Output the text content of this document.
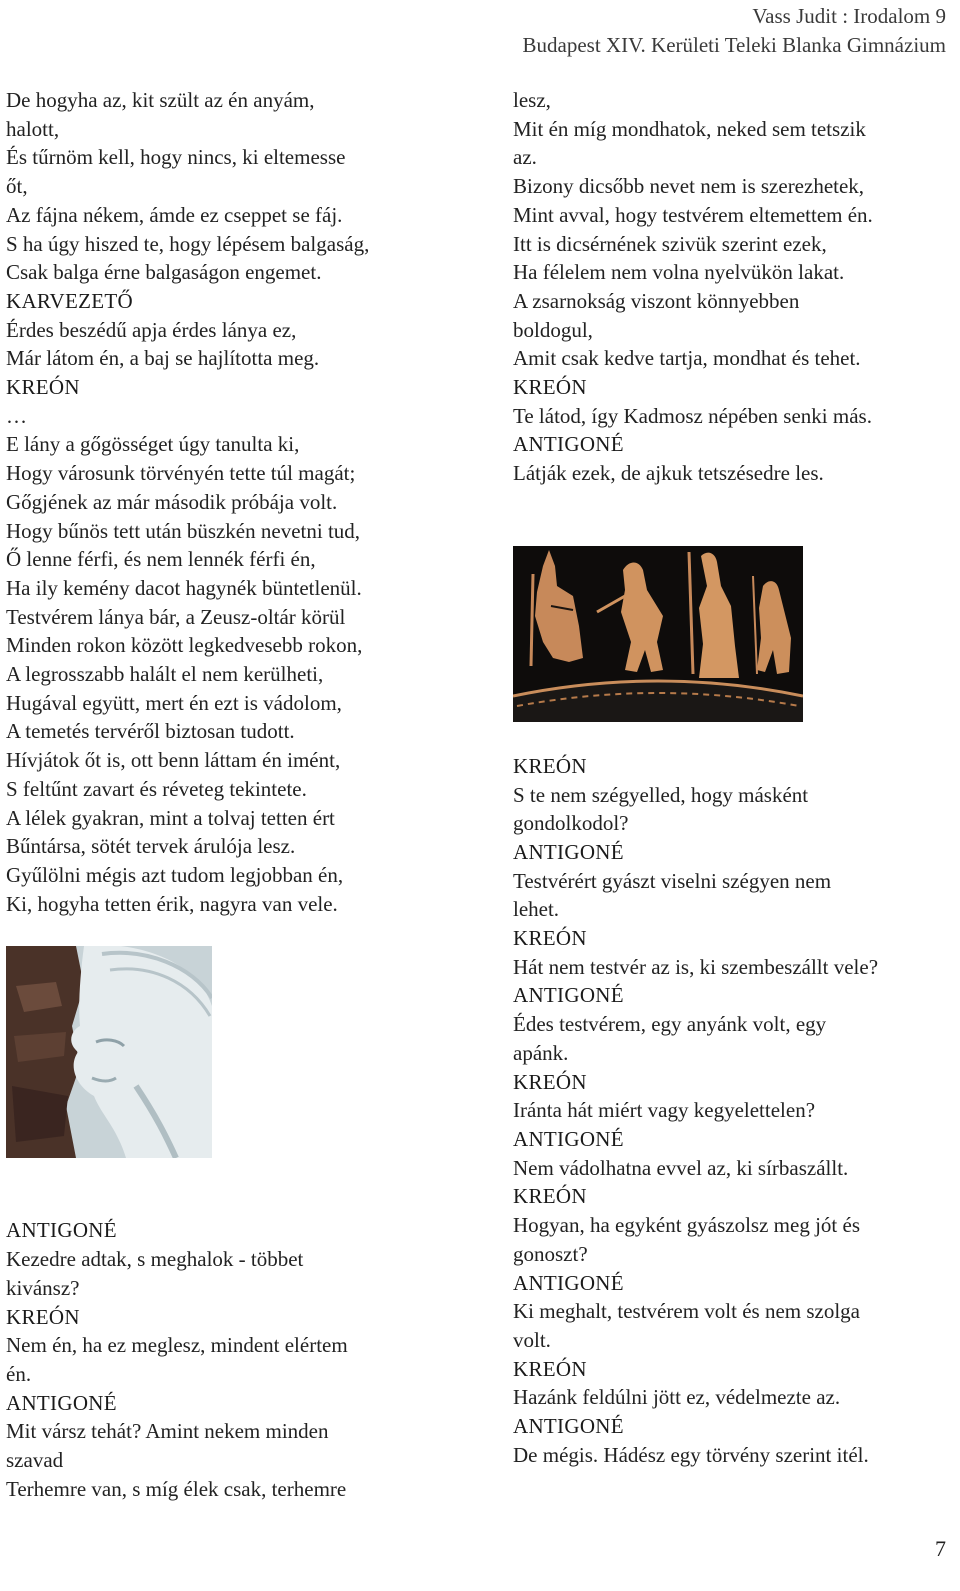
Vass Judit : Irodalom 9
Budapest XIV. Kerületi Teleki Blanka Gimnázium
De hogyha az, kit szült az én anyám,
halott,
És tűrnöm kell, hogy nincs, ki eltemesse
őt,
Az fájna nékem, ámde ez cseppet se fáj.
S ha úgy hiszed te, hogy lépésem balgaság,
Csak balga érne balgaságon engemet.
KARVEZETŐ
Érdes beszédű apja érdes lánya ez,
Már látom én, a baj se hajlította meg.
KREÓN
…
E lány a gőgösséget úgy tanulta ki,
Hogy városunk törvényén tette túl magát;
Gőgjének az már második próbája volt.
Hogy bűnös tett után büszkén nevetni tud,
Ő lenne férfi, és nem lennék férfi én,
Ha ily kemény dacot hagynék büntetlenül.
Testvérem lánya bár, a Zeusz-oltár körül
Minden rokon között legkedvesebb rokon,
A legrosszabb halált el nem kerülheti,
Hugával együtt, mert én ezt is vádolom,
A temetés tervéről biztosan tudott.
Hívjátok őt is, ott benn láttam én imént,
S feltűnt zavart és réveteg tekintete.
A lélek gyakran, mint a tolvaj tetten ért
Bűntársa, sötét tervek árulója lesz.
Gyűlölni mégis azt tudom legjobban én,
Ki, hogyha tetten érik, nagyra van vele.
ANTIGONÉ
Kezedre adtak, s meghalok - többet
kivánsz?
KREÓN
Nem én, ha ez meglesz, mindent elértem
én.
ANTIGONÉ
Mit vársz tehát? Amint nekem minden
szavad
Terhemre van, s míg élek csak, terhemre
lesz,
Mit én míg mondhatok, neked sem tetszik
az.
Bizony dicsőbb nevet nem is szerezhetek,
Mint avval, hogy testvérem eltemettem én.
Itt is dicsérnének szivük szerint ezek,
Ha félelem nem volna nyelvükön lakat.
A zsarnokság viszont könnyebben
boldogul,
Amit csak kedve tartja, mondhat és tehet.
KREÓN
Te látod, így Kadmosz népében senki más.
ANTIGONÉ
Látják ezek, de ajkuk tetszésedre les.
KREÓN
S te nem szégyelled, hogy másként
gondolkodol?
ANTIGONÉ
Testvérért gyászt viselni szégyen nem
lehet.
KREÓN
Hát nem testvér az is, ki szembeszállt vele?
ANTIGONÉ
Édes testvérem, egy anyánk volt, egy
apánk.
KREÓN
Iránta hát miért vagy kegyelettelen?
ANTIGONÉ
Nem vádolhatna evvel az, ki sírbaszállt.
KREÓN
Hogyan, ha egyként gyászolsz meg jót és
gonoszt?
ANTIGONÉ
Ki meghalt, testvérem volt és nem szolga
volt.
KREÓN
Hazánk feldúlni jött ez, védelmezte az.
ANTIGONÉ
De mégis. Hádész egy törvény szerint itél.
7
